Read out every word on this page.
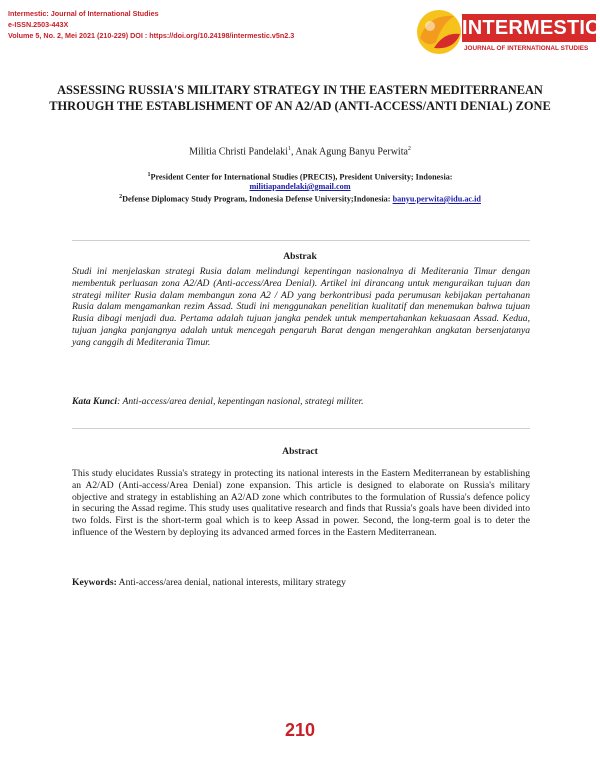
Intermestic: Journal of International Studies
e-ISSN.2503-443X
Volume 5, No. 2, Mei 2021 (210-229) DOI : https://doi.org/10.24198/intermestic.v5n2.3	INTERMESTIC
JOURNAL OF INTERNATIONAL STUDIES
ASSESSING RUSSIA'S MILITARY STRATEGY IN THE EASTERN MEDITERRANEAN THROUGH THE ESTABLISHMENT OF AN A2/AD (ANTI-ACCESS/ANTI DENIAL) ZONE
Militia Christi Pandelaki$^1$, Anak Agung Banyu Perwita$^2$
$^1$President Center for International Studies (PRECIS), President University; Indonesia:
militiapandelaki@gmail.com
$^2$Defense Diplomacy Study Program, Indonesia Defense University;Indonesia: banyu.perwita@idu.ac.id
Abstrak
Studi ini menjelaskan strategi Rusia dalam melindungi kepentingan nasionalnya di Mediterania Timur dengan membentuk perluasan zona A2/AD (Anti-access/Area Denial). Artikel ini dirancang untuk menguraikan tujuan dan strategi militer Rusia dalam membangun zona A2 / AD yang berkontribusi pada perumusan kebijakan pertahanan Rusia dalam mengamankan rezim Assad. Studi ini menggunakan penelitian kualitatif dan menemukan bahwa tujuan Rusia dibagi menjadi dua. Pertama adalah tujuan jangka pendek untuk mempertahankan kekuasaan Assad. Kedua, tujuan jangka panjangnya adalah untuk mencegah pengaruh Barat dengan mengerahkan angkatan bersenjatanya yang canggih di Mediterania Timur.
Kata Kunci: Anti-access/area denial, kepentingan nasional, strategi militer.
Abstract
This study elucidates Russia's strategy in protecting its national interests in the Eastern Mediterranean by establishing an A2/AD (Anti-access/Area Denial) zone expansion. This article is designed to elaborate on Russia's military objective and strategy in establishing an A2/AD zone which contributes to the formulation of Russia's defence policy in securing the Assad regime. This study uses qualitative research and finds that Russia's goals have been divided into two folds. First is the short-term goal which is to keep Assad in power. Second, the long-term goal is to deter the influence of the Western by deploying its advanced armed forces in the Eastern Mediterranean.
Keywords: Anti-access/area denial, national interests, military strategy
210
